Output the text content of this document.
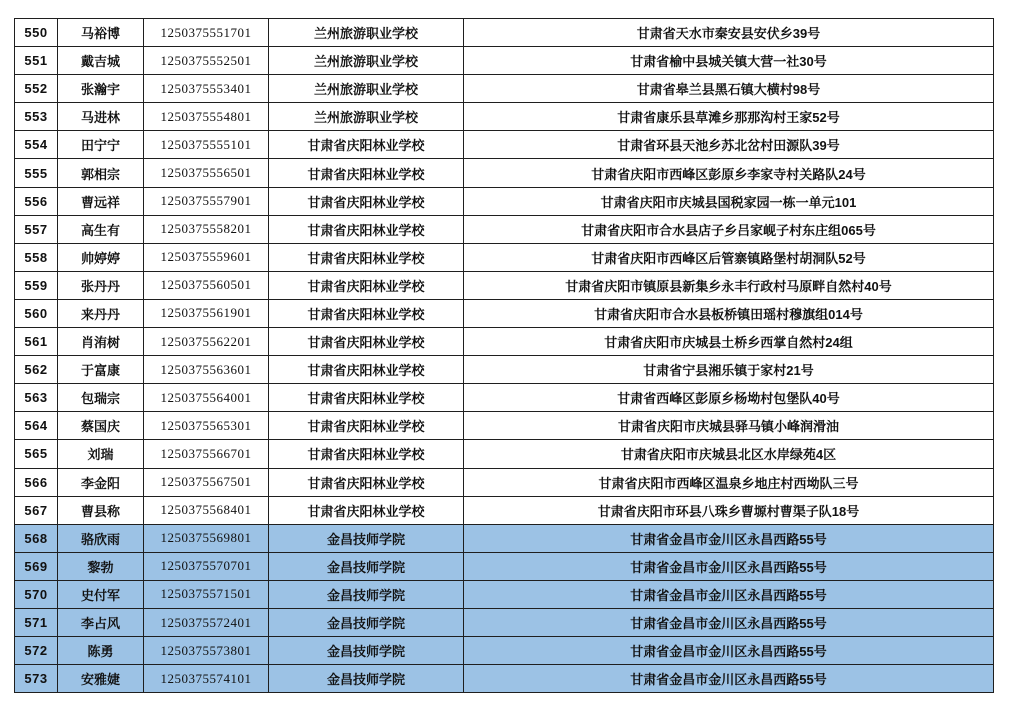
550	马裕博	1250375551701	兰州旅游职业学校	甘肃省天水市秦安县安伏乡39号
551	戴吉城	1250375552501	兰州旅游职业学校	甘肃省榆中县城关镇大营一社30号
552	张瀚宇	1250375553401	兰州旅游职业学校	甘肃省皋兰县黑石镇大横村98号
553	马进林	1250375554801	兰州旅游职业学校	甘肃省康乐县草滩乡那那沟村王家52号
554	田宁宁	1250375555101	甘肃省庆阳林业学校	甘肃省环县天池乡苏北岔村田源队39号
555	郭相宗	1250375556501	甘肃省庆阳林业学校	甘肃省庆阳市西峰区彭原乡李家寺村关路队24号
556	曹远祥	1250375557901	甘肃省庆阳林业学校	甘肃省庆阳市庆城县国税家园一栋一单元101
557	高生有	1250375558201	甘肃省庆阳林业学校	甘肃省庆阳市合水县店子乡吕家岘子村东庄组065号
558	帅婷婷	1250375559601	甘肃省庆阳林业学校	甘肃省庆阳市西峰区后管寨镇路堡村胡洞队52号
559	张丹丹	1250375560501	甘肃省庆阳林业学校	甘肃省庆阳市镇原县新集乡永丰行政村马原畔自然村40号
560	来丹丹	1250375561901	甘肃省庆阳林业学校	甘肃省庆阳市合水县板桥镇田瑶村穆旗组014号
561	肖洧树	1250375562201	甘肃省庆阳林业学校	甘肃省庆阳市庆城县土桥乡西掌自然村24组
562	于富康	1250375563601	甘肃省庆阳林业学校	甘肃省宁县湘乐镇于家村21号
563	包瑞宗	1250375564001	甘肃省庆阳林业学校	甘肃省西峰区彭原乡杨坳村包堡队40号
564	蔡国庆	1250375565301	甘肃省庆阳林业学校	甘肃省庆阳市庆城县驿马镇小峰润滑油
565	刘瑞	1250375566701	甘肃省庆阳林业学校	甘肃省庆阳市庆城县北区水岸绿苑4区
566	李金阳	1250375567501	甘肃省庆阳林业学校	甘肃省庆阳市西峰区温泉乡地庄村西坳队三号
567	曹县称	1250375568401	甘肃省庆阳林业学校	甘肃省庆阳市环县八珠乡曹塬村曹渠子队18号
568	骆欣雨	1250375569801	金昌技师学院	甘肃省金昌市金川区永昌西路55号
569	黎勃	1250375570701	金昌技师学院	甘肃省金昌市金川区永昌西路55号
570	史付军	1250375571501	金昌技师学院	甘肃省金昌市金川区永昌西路55号
571	李占风	1250375572401	金昌技师学院	甘肃省金昌市金川区永昌西路55号
572	陈勇	1250375573801	金昌技师学院	甘肃省金昌市金川区永昌西路55号
573	安雅婕	1250375574101	金昌技师学院	甘肃省金昌市金川区永昌西路55号
